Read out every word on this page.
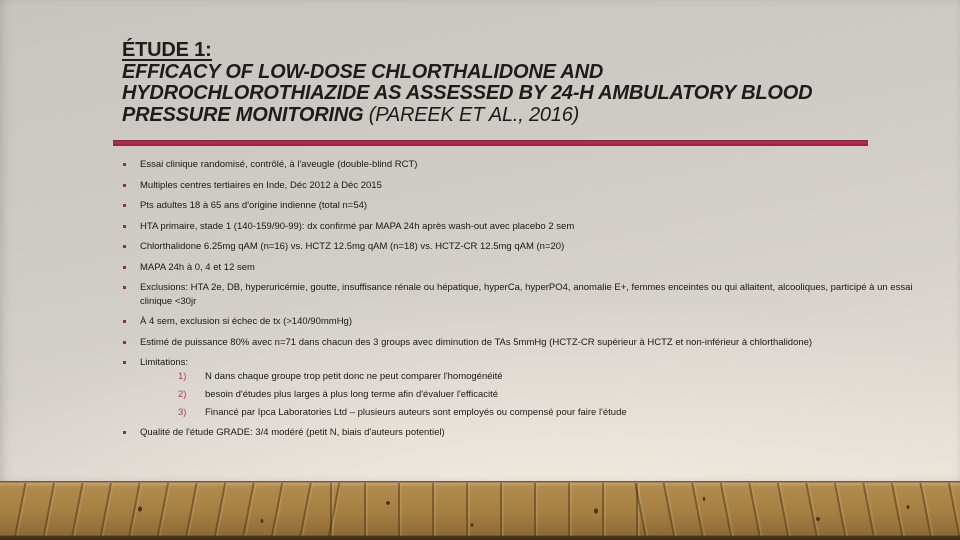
ÉTUDE 1:
EFFICACY OF LOW-DOSE CHLORTHALIDONE AND
HYDROCHLOROTHIAZIDE AS ASSESSED BY 24-H AMBULATORY BLOOD
PRESSURE MONITORING (PAREEK ET AL., 2016)
Essai clinique randomisé, contrôlé, à l'aveugle (double-blind RCT)
Multiples centres tertiaires en Inde, Déc 2012 à Déc 2015
Pts adultes 18 à 65 ans d'origine indienne (total n=54)
HTA primaire, stade 1 (140-159/90-99): dx confirmé par MAPA 24h après wash-out avec placebo 2 sem
Chlorthalidone 6.25mg qAM (n=16) vs. HCTZ 12.5mg qAM (n=18) vs. HCTZ-CR 12.5mg qAM (n=20)
MAPA 24h à 0, 4 et 12 sem
Exclusions: HTA 2e, DB, hyperuricémie, goutte, insuffisance rénale ou hépatique, hyperCa, hyperPO4, anomalie E+, femmes enceintes ou qui allaitent, alcooliques, participé à un essai clinique <30jr
À 4 sem, exclusion si échec de tx (>140/90mmHg)
Estimé de puissance 80% avec n=71 dans chacun des 3 groups avec diminution de TAs 5mmHg (HCTZ-CR supérieur à HCTZ et non-inférieur à chlorthalidone)
Limitations:
1)	N dans chaque groupe trop petit donc ne peut comparer l'homogénéité
2)	besoin d'études plus larges à plus long terme afin d'évaluer l'efficacité
3)	Financé par Ipca Laboratories Ltd – plusieurs auteurs sont employés ou compensé pour faire l'étude
Qualité de l'étude GRADE: 3/4 modéré (petit N, biais d'auteurs potentiel)
